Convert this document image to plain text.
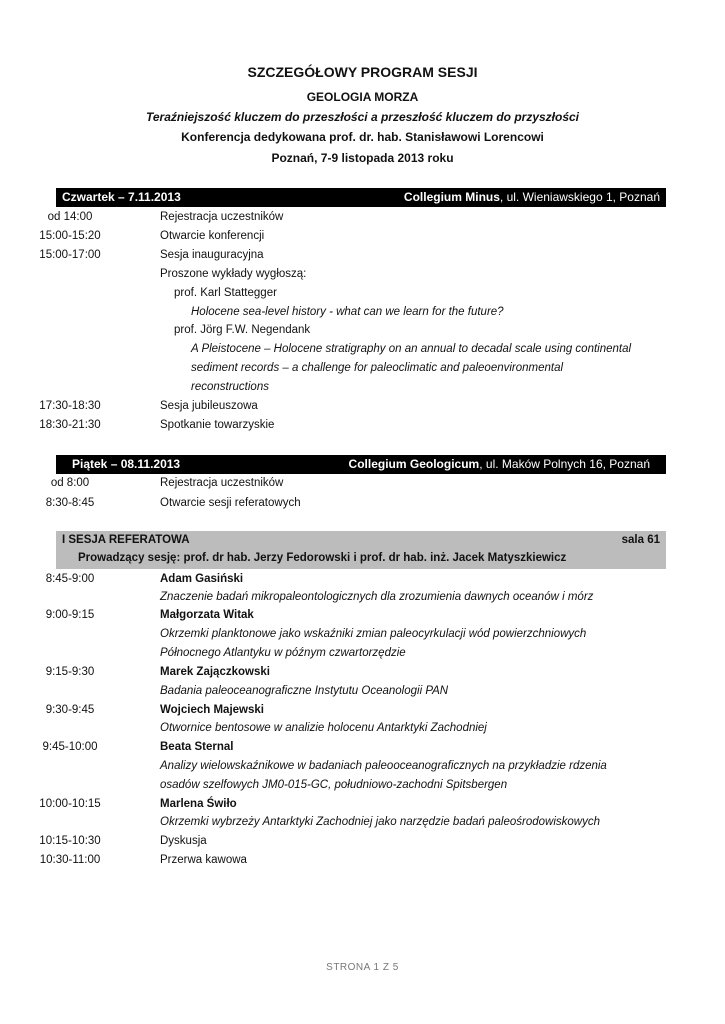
SZCZEGÓŁOWY PROGRAM SESJI
GEOLOGIA MORZA
Teraźniejszość kluczem do przeszłości a przeszłość kluczem do przyszłości
Konferencja dedykowana prof. dr. hab. Stanisławowi Lorencowi
Poznań, 7-9 listopada 2013 roku
Czwartek – 7.11.2013	Collegium Minus, ul. Wieniawskiego 1, Poznań
od 14:00	Rejestracja uczestników
15:00-15:20	Otwarcie konferencji
15:00-17:00	Sesja inauguracyjna
Proszone wykłady wygłoszą:
prof. Karl Stattegger
Holocene sea-level history - what can we learn for the future?
prof. Jörg F.W. Negendank
A Pleistocene – Holocene stratigraphy on an annual to decadal scale using continental
sediment records – a challenge for paleoclimatic and paleoenvironmental
reconstructions
17:30-18:30	Sesja jubileuszowa
18:30-21:30	Spotkanie towarzyskie
Piątek – 08.11.2013	Collegium Geologicum, ul. Maków Polnych 16, Poznań
od 8:00	Rejestracja uczestników
8:30-8:45	Otwarcie sesji referatowych
I SESJA REFERATOWA	sala 61
Prowadzący sesję: prof. dr hab. Jerzy Fedorowski i prof. dr hab. inż. Jacek Matyszkiewicz
8:45-9:00	Adam Gasiński
Znaczenie badań mikropaleontologicznych dla zrozumienia dawnych oceanów i mórz
9:00-9:15	Małgorzata Witak
Okrzemki planktonowe jako wskaźniki zmian paleocyrkulacji wód powierzchniowych
Północnego Atlantyku w późnym czwartorzędzie
9:15-9:30	Marek Zajączkowski
Badania paleoceanograficzne Instytutu Oceanologii PAN
9:30-9:45	Wojciech Majewski
Otwornice bentosowe w analizie holocenu Antarktyki Zachodniej
9:45-10:00	Beata Sternal
Analizy wielowskaźnikowe w badaniach paleooceanograficznych na przykładzie rdzenia
osadów szelfowych JM0-015-GC, południowo-zachodni Spitsbergen
10:00-10:15	Marlena Świło
Okrzemki wybrzeży Antarktyki Zachodniej jako narzędzie badań paleośrodowiskowych
10:15-10:30	Dyskusja
10:30-11:00	Przerwa kawowa
STRONA 1 Z 5
